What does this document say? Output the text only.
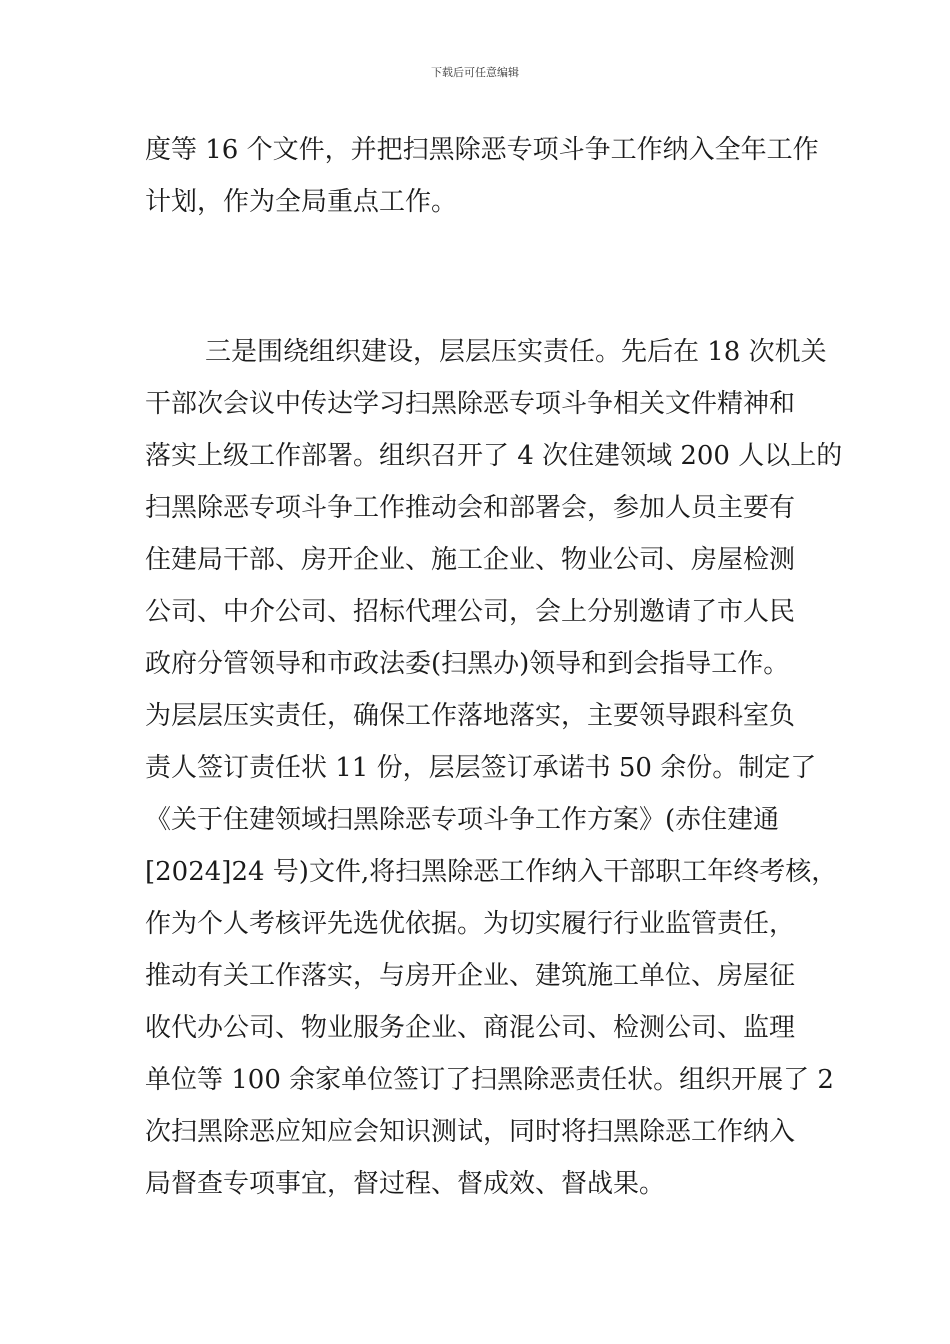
下载后可任意编辑
度等 16 个文件，并把扫黑除恶专项斗争工作纳入全年工作
计划，作为全局重点工作。
三是围绕组织建设，层层压实责任。先后在 18 次机关
干部次会议中传达学习扫黑除恶专项斗争相关文件精神和
落实上级工作部署。组织召开了 4 次住建领域 200 人以上的
扫黑除恶专项斗争工作推动会和部署会，参加人员主要有
住建局干部、房开企业、施工企业、物业公司、房屋检测
公司、中介公司、招标代理公司，会上分别邀请了市人民
政府分管领导和市政法委(扫黑办)领导和到会指导工作。
为层层压实责任，确保工作落地落实，主要领导跟科室负
责人签订责任状 11 份，层层签订承诺书 50 余份。制定了
《关于住建领域扫黑除恶专项斗争工作方案》(赤住建通
[2024]24 号)文件,将扫黑除恶工作纳入干部职工年终考核，
作为个人考核评先选优依据。为切实履行行业监管责任，
推动有关工作落实，与房开企业、建筑施工单位、房屋征
收代办公司、物业服务企业、商混公司、检测公司、监理
单位等 100 余家单位签订了扫黑除恶责任状。组织开展了 2
次扫黑除恶应知应会知识测试，同时将扫黑除恶工作纳入
局督查专项事宜，督过程、督成效、督战果。
